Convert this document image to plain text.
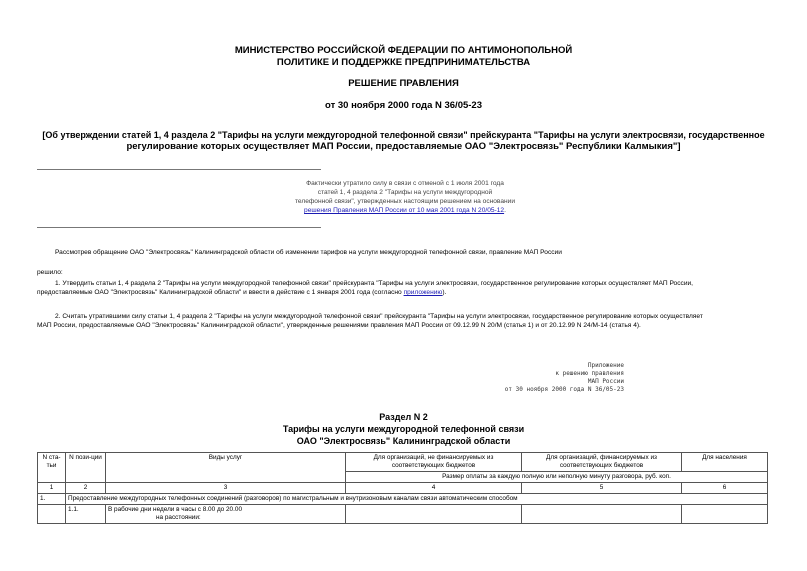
МИНИСТЕРСТВО РОССИЙСКОЙ ФЕДЕРАЦИИ ПО АНТИМОНОПОЛЬНОЙ
ПОЛИТИКЕ И ПОДДЕРЖКЕ ПРЕДПРИНИМАТЕЛЬСТВА
РЕШЕНИЕ ПРАВЛЕНИЯ
от 30 ноября 2000 года N 36/05-23
[Об утверждении статей 1, 4 раздела 2 "Тарифы на услуги междугородной телефонной связи" прейскуранта "Тарифы на услуги электросвязи, государственное
регулирование которых осуществляет МАП России, предоставляемые ОАО "Электросвязь" Республики Калмыкия"]
Фактически утратило силу в связи с отменой с 1 июля 2001 года
статей 1, 4 раздела 2 "Тарифы на услуги междугородной
телефонной связи", утвержденных настоящим решением на основании
решения Правления МАП России от 10 мая 2001 года N 20/05-12.
Рассмотрев обращение ОАО "Электросвязь" Калининградской области об изменении тарифов на услуги междугородной телефонной связи, правление МАП России
решило:
1. Утвердить статьи 1, 4 раздела 2 "Тарифы на услуги междугородной телефонной связи" прейскуранта "Тарифы на услуги электросвязи, государственное регулирование которых осуществляет МАП России,
предоставляемые ОАО "Электросвязь" Калининградской области" и ввести в действие с 1 января 2001 года (согласно приложению).
2. Считать утратившими силу статьи 1, 4 раздела 2 "Тарифы на услуги междугородной телефонной связи" прейскуранта "Тарифы на услуги электросвязи, государственное регулирование которых осуществляет
МАП России, предоставляемые ОАО "Электросвязь" Калининградской области", утвержденные решениями правления МАП России от 09.12.99 N 20/М (статья 1) и от 20.12.99 N 24/М-14 (статья 4).
Приложение
к решению правления
МАП России
от 30 ноября 2000 года N 36/05-23
Раздел N 2
Тарифы на услуги междугородной телефонной связи
ОАО "Электросвязь" Калининградской области
N ста-тьи	N пози-ции	Виды услуг	Для организаций, не финансируемых из соответствующих бюджетов	Для организаций, финансируемых из соответствующих бюджетов	Для населения
			Размер оплаты за каждую полную или неполную минуту разговора, руб. коп.		
1	2	3	4	5	6
1.	Предоставление междугородных телефонных соединений (разговоров) по магистральным и внутризоновым каналам связи автоматическим способом				
	1.1.	В рабочие дни недели в часы с 8.00 до 20.00
на расстоянии:			
